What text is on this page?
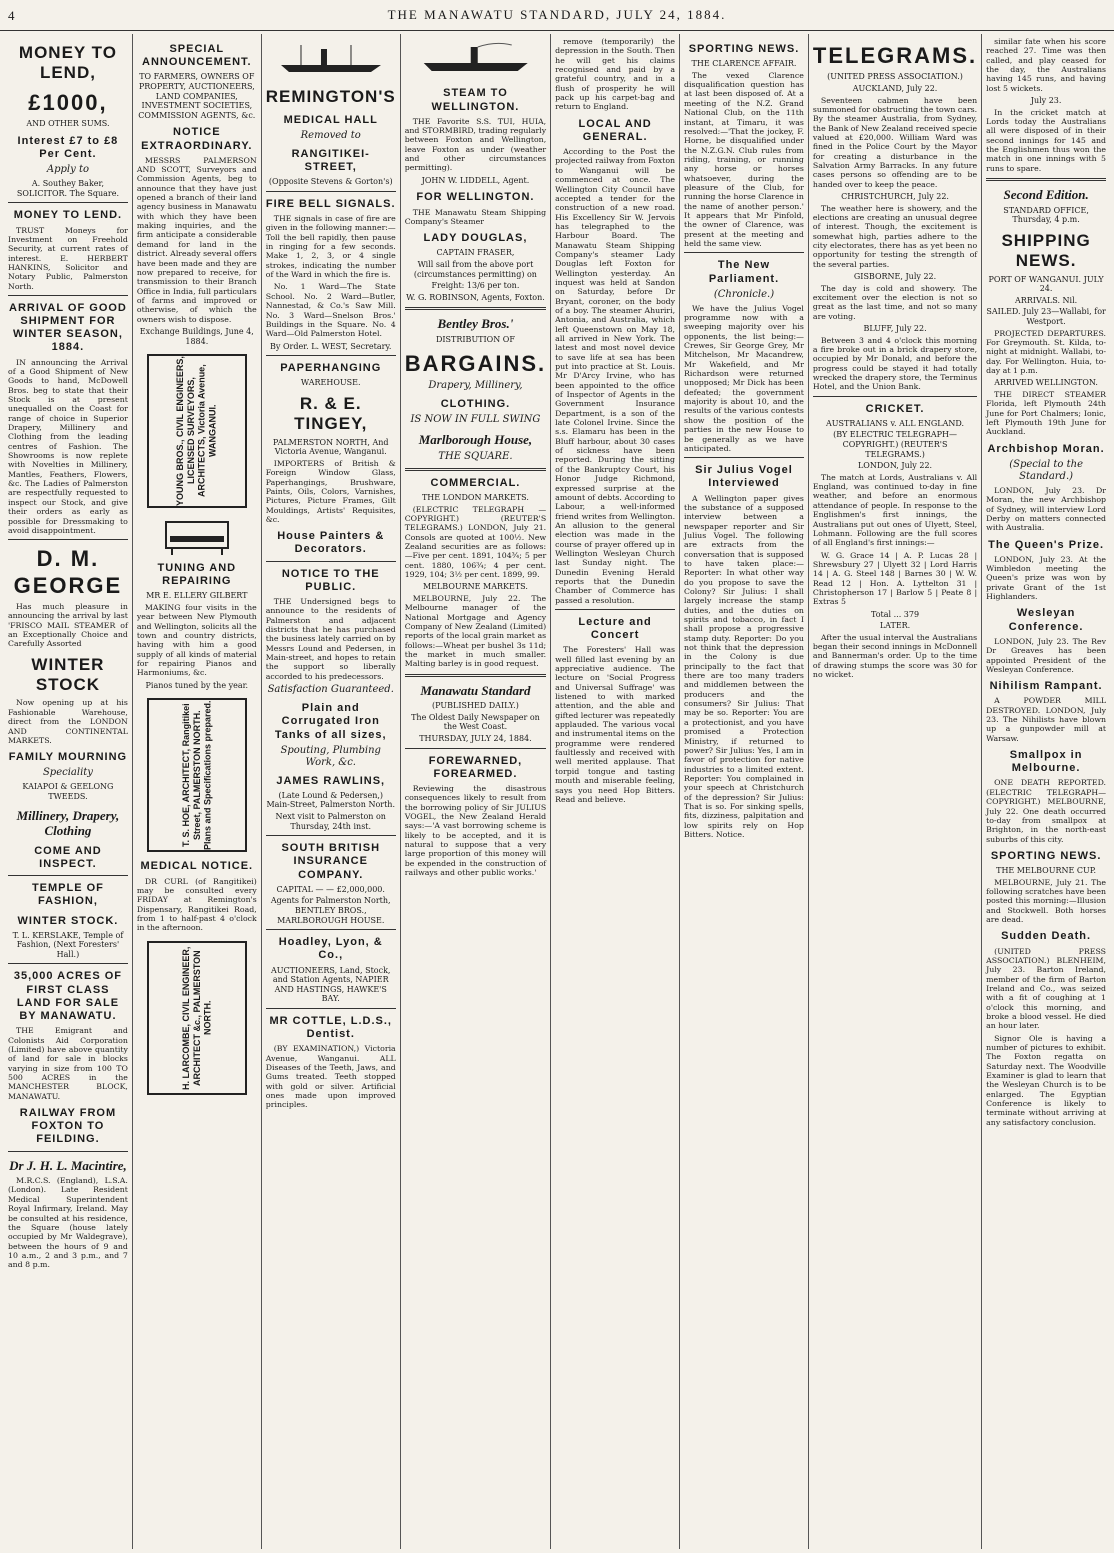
4	THE MANAWATU STANDARD, JULY 24, 1884.
MONEY TO LEND,
£1000,
AND OTHER SUMS.
Interest £7 to £8 Per Cent.
Apply to
A. Southey Baker, SOLICITOR. The Square.
MONEY TO LEND.

TRUST Moneys for Investment on Freehold Security, at current rates of interest. E. HERBERT HANKINS, Solicitor and Notary Public, Palmerston North.

ARRIVAL OF GOOD SHIPMENT FOR WINTER SEASON, 1884.

IN announcing the Arrival of a Good Shipment of New Goods to hand, McDowell Bros. beg to state that their Stock is at present unequalled on the Coast for range of choice in Superior Drapery, Millinery and Clothing from the leading centres of Fashion. The Showrooms is now replete with Novelties in Millinery, Mantles, Feathers, Flowers, &c. The Ladies of Palmerston are respectfully requested to inspect our Stock, and give their orders as early as possible for Dressmaking to avoid disappointment.

D. M. GEORGE

Has much pleasure in announcing the arrival by last 'FRISCO MAIL STEAMER of an Exceptionally Choice and Carefully Assorted

WINTER STOCK

Now opening up at his Fashionable Warehouse, direct from the LONDON AND CONTINENTAL MARKETS.

FAMILY MOURNING
Speciality
KAIAPOI & GEELONG TWEEDS.
Millinery, Drapery, Clothing
COME AND INSPECT.
TEMPLE OF FASHION,
WINTER STOCK.
T. L. KERSLAKE, Temple of Fashion, (Next Foresters' Hall.)
35,000 ACRES OF FIRST CLASS LAND FOR SALE BY MANAWATU.

THE Emigrant and Colonists Aid Corporation (Limited) have above quantity of land for sale in blocks varying in size from 100 TO 500 ACRES in the MANCHESTER BLOCK, MANAWATU.

RAILWAY FROM FOXTON TO FEILDING.
Dr J. H. L. Macintire,

M.R.C.S. (England), L.S.A. (London). Late Resident Medical Superintendent Royal Infirmary, Ireland. May be consulted at his residence, the Square (house lately occupied by Mr Waldegrave), between the hours of 9 and 10 a.m., 2 and 3 p.m., and 7 and 8 p.m.

SPECIAL ANNOUNCEMENT.
TO FARMERS, OWNERS OF PROPERTY, AUCTIONEERS, LAND COMPANIES, INVESTMENT SOCIETIES, COMMISSION AGENTS, &c.
NOTICE EXTRAORDINARY.

MESSRS PALMERSON AND SCOTT, Surveyors and Commission Agents, beg to announce that they have just opened a branch of their land agency business in Manawatu with which they have been making inquiries, and the firm anticipate a considerable demand for land in the district. Already several offers have been made and they are now prepared to receive, for transmission to their Branch Office in India, full particulars of farms and improved or otherwise, of which the owners wish to dispose.

Exchange Buildings, June 4, 1884.
YOUNG BROS., CIVIL ENGINEERS, LICENSED SURVEYORS, ARCHITECTS, Victoria Avenue, WANGANUI.
TUNING AND REPAIRING
MR E. ELLERY GILBERT

MAKING four visits in the year between New Plymouth and Wellington, solicits all the town and country districts, having with him a good supply of all kinds of material for repairing Pianos and Harmoniums, &c.

Pianos tuned by the year.
T. S. HOE, ARCHITECT, Rangitikei Street, PALMERSTON NORTH. Plans and Specifications prepared.
MEDICAL NOTICE.

DR CURL (of Rangitikei) may be consulted every FRIDAY at Remington's Dispensary, Rangitikei Road, from 1 to half-past 4 o'clock in the afternoon.

H. LARCOMBE, CIVIL ENGINEER, ARCHITECT &c., PALMERSTON NORTH.
REMINGTON'S
MEDICAL HALL
Removed to
RANGITIKEI-STREET,
(Opposite Stevens & Gorton's)
FIRE BELL SIGNALS.

THE signals in case of fire are given in the following manner:— Toll the bell rapidly, then pause in ringing for a few seconds. Make 1, 2, 3, or 4 single strokes, indicating the number of the Ward in which the fire is.

No. 1 Ward—The State School. No. 2 Ward—Butler, Nannestad, & Co.'s Saw Mill. No. 3 Ward—Snelson Bros.' Buildings in the Square. No. 4 Ward—Old Palmerston Hotel.

By Order. L. WEST, Secretary.
PAPERHANGING
WAREHOUSE.
R. & E. TINGEY,
PALMERSTON NORTH, And Victoria Avenue, Wanganui.

IMPORTERS of British & Foreign Window Glass, Paperhangings, Brushware, Paints, Oils, Colors, Varnishes, Pictures, Picture Frames, Gilt Mouldings, Artists' Requisites, &c.

House Painters & Decorators.
NOTICE TO THE PUBLIC.

THE Undersigned begs to announce to the residents of Palmerston and adjacent districts that he has purchased the business lately carried on by Messrs Lound and Pedersen, in Main-street, and hopes to retain the support so liberally accorded to his predecessors.

Satisfaction Guaranteed.
Plain and Corrugated Iron Tanks of all sizes,
Spouting, Plumbing Work, &c.
JAMES RAWLINS,
(Late Lound & Pedersen,) Main-Street, Palmerston North.
Next visit to Palmerston on Thursday, 24th inst.
SOUTH BRITISH INSURANCE COMPANY.
CAPITAL — — £2,000,000.
Agents for Palmerston North, BENTLEY BROS., MARLBOROUGH HOUSE.
Hoadley, Lyon, & Co.,
AUCTIONEERS, Land, Stock, and Station Agents, NAPIER AND HASTINGS, HAWKE'S BAY.
MR COTTLE, L.D.S., Dentist.

(BY EXAMINATION,) Victoria Avenue, Wanganui. ALL Diseases of the Teeth, Jaws, and Gums treated. Teeth stopped with gold or silver. Artificial ones made upon improved principles.

STEAM TO WELLINGTON.

THE Favorite S.S. TUI, HUIA, and STORMBIRD, trading regularly between Foxton and Wellington, leave Foxton as under (weather and other circumstances permitting).

JOHN W. LIDDELL, Agent.
FOR WELLINGTON.

THE Manawatu Steam Shipping Company's Steamer

LADY DOUGLAS,
CAPTAIN FRASER,
Will sail from the above port (circumstances permitting) on
Freight: 13/6 per ton.
W. G. ROBINSON, Agents, Foxton.
Bentley Bros.'
DISTRIBUTION OF
BARGAINS.
Drapery, Millinery,
CLOTHING.
IS NOW IN FULL SWING
Marlborough House,
THE SQUARE.
COMMERCIAL.
THE LONDON MARKETS.

(ELECTRIC TELEGRAPH — COPYRIGHT.) (REUTER'S TELEGRAMS.) LONDON, July 21. Consols are quoted at 100½. New Zealand securities are as follows: —Five per cent. 1891, 104¾; 5 per cent. 1880, 106¾; 4 per cent. 1929, 104; 3½ per cent. 1899, 99.

MELBOURNE MARKETS.

MELBOURNE, July 22. The Melbourne manager of the National Mortgage and Agency Company of New Zealand (Limited) reports of the local grain market as follows:—Wheat per bushel 3s 11d; the market in much smaller. Malting barley is in good request.

Manawatu Standard
(PUBLISHED DAILY.)
The Oldest Daily Newspaper on the West Coast.
THURSDAY, JULY 24, 1884.
FOREWARNED, FOREARMED.

Reviewing the disastrous consequences likely to result from the borrowing policy of Sir JULIUS VOGEL, the New Zealand Herald says:—'A vast borrowing scheme is likely to be accepted, and it is natural to suppose that a very large proportion of this money will be expended in the construction of railways and other public works.'

remove (temporarily) the depression in the South. Then he will get his claims recognised and paid by a grateful country, and in a flush of prosperity he will pack up his carpet-bag and return to England.

LOCAL AND GENERAL.

According to the Post the projected railway from Foxton to Wanganui will be commenced at once. The Wellington City Council have accepted a tender for the construction of a new road. His Excellency Sir W. Jervois has telegraphed to the Harbour Board. The Manawatu Steam Shipping Company's steamer Lady Douglas left Foxton for Wellington yesterday. An inquest was held at Sandon on Saturday, before Dr Bryant, coroner, on the body of a boy. The steamer Ahuriri, Antonia, and Australia, which left Queenstown on May 18, all arrived in New York. The latest and most novel device to save life at sea has been put into practice at St. Louis. Mr D'Arcy Irvine, who has been appointed to the office of Inspector of Agents in the Government Insurance Department, is a son of the late Colonel Irvine. Since the s.s. Elamaru has been in the Bluff harbour, about 30 cases of sickness have been reported. During the sitting of the Bankruptcy Court, his Honor Judge Richmond, expressed surprise at the amount of debts. According to Labour, a well-informed friend writes from Wellington. An allusion to the general election was made in the course of prayer offered up in Wellington Wesleyan Church last Sunday night. The Dunedin Evening Herald reports that the Dunedin Chamber of Commerce has passed a resolution.

Lecture and Concert

The Foresters' Hall was well filled last evening by an appreciative audience. The lecture on 'Social Progress and Universal Suffrage' was listened to with marked attention, and the able and gifted lecturer was repeatedly applauded. The various vocal and instrumental items on the programme were rendered faultlessly and received with well merited applause. That torpid tongue and tasting mouth and miserable feeling, says you need Hop Bitters. Read and believe.

SPORTING NEWS.
THE CLARENCE AFFAIR.

The vexed Clarence disqualification question has at last been disposed of. At a meeting of the N.Z. Grand National Club, on the 11th instant, at Timaru, it was resolved:—'That the jockey, F. Horne, be disqualified under the N.Z.G.N. Club rules from riding, training, or running any horse or horses whatsoever, during the pleasure of the Club, for running the horse Clarence in the name of another person.' It appears that Mr Pinfold, the owner of Clarence, was present at the meeting and held the same view.

The New Parliament.
(Chronicle.)

We have the Julius Vogel programme now with a sweeping majority over his opponents, the list being:— Crewes, Sir George Grey, Mr Mitchelson, Mr Macandrew, Mr Wakefield, and Mr Richardson were returned unopposed; Mr Dick has been defeated; the government majority is about 10, and the results of the various contests show the position of the parties in the new House to be generally as we have anticipated.

Sir Julius Vogel Interviewed

A Wellington paper gives the substance of a supposed interview between a newspaper reporter and Sir Julius Vogel. The following are extracts from the conversation that is supposed to have taken place:— Reporter: In what other way do you propose to save the Colony? Sir Julius: I shall largely increase the stamp duties, and the duties on spirits and tobacco, in fact I shall propose a progressive stamp duty. Reporter: Do you not think that the depression in the Colony is due principally to the fact that there are too many traders and middlemen between the producers and the consumers? Sir Julius: That may be so. Reporter: You are a protectionist, and you have promised a Protection Ministry, if returned to power? Sir Julius: Yes, I am in favor of protection for native industries to a limited extent. Reporter: You complained in your speech at Christchurch of the depression? Sir Julius: That is so. For sinking spells, fits, dizziness, palpitation and low spirits rely on Hop Bitters. Notice.

TELEGRAMS.
(UNITED PRESS ASSOCIATION.)
AUCKLAND, July 22.

Seventeen cabmen have been summoned for obstructing the town cars. By the steamer Australia, from Sydney, the Bank of New Zealand received specie valued at £20,000. William Ward was fined in the Police Court by the Mayor for creating a disturbance in the Salvation Army Barracks. In any future cases persons so offending are to be handed over to keep the peace.

CHRISTCHURCH, July 22.

The weather here is showery, and the elections are creating an unusual degree of interest. Though, the excitement is somewhat high, parties adhere to the city electorates, there has as yet been no opportunity for testing the strength of the several parties.

GISBORNE, July 22.

The day is cold and showery. The excitement over the election is not so great as the last time, and not so many are voting.

BLUFF, July 22.

Between 3 and 4 o'clock this morning a fire broke out in a brick drapery store, occupied by Mr Donald, and before the progress could be stayed it had totally wrecked the drapery store, the Terminus Hotel, and the Union Bank.

CRICKET.
AUSTRALIANS v. ALL ENGLAND.
(BY ELECTRIC TELEGRAPH—COPYRIGHT.) (REUTER'S TELEGRAMS.)
LONDON, July 22.

The match at Lords, Australians v. All England, was continued to-day in fine weather, and before an enormous attendance of people. In response to the Englishmen's first innings, the Australians put out ones of Ulyett, Steel, Lohmann. Following are the full scores of all England's first innings:—

W. G. Grace 14 | A. P. Lucas 28 | Shrewsbury 27 | Ulyett 32 | Lord Harris 14 | A. G. Steel 148 | Barnes 30 | W. W. Read 12 | Hon. A. Lyttelton 31 | Christopherson 17 | Barlow 5 | Peate 8 | Extras 5

Total ... 379
LATER.

After the usual interval the Australians began their second innings in McDonnell and Bannerman's order. Up to the time of drawing stumps the score was 30 for no wicket.

similar fate when his score reached 27. Time was then called, and play ceased for the day, the Australians having 145 runs, and having lost 5 wickets.

July 23.

In the cricket match at Lords today the Australians all were disposed of in their second innings for 145 and the Englishmen thus won the match in one innings with 5 runs to spare.

Second Edition.
STANDARD OFFICE, Thursday, 4 p.m.
SHIPPING NEWS.
PORT OF WANGANUI. JULY 24.
ARRIVALS. Nil.
SAILED. July 23—Wallabi, for Westport.

PROJECTED DEPARTURES. For Greymouth. St. Kilda, to-night at midnight. Wallabi, to-day. For Wellington. Huia, to-day at 1 p.m.

ARRIVED WELLINGTON.

THE DIRECT STEAMER Florida, left Plymouth 24th June for Port Chalmers; Ionic, left Plymouth 19th June for Auckland.

Archbishop Moran.
(Special to the Standard.)

LONDON, July 23. Dr Moran, the new Archbishop of Sydney, will interview Lord Derby on matters connected with Australia.

The Queen's Prize.

LONDON, July 23. At the Wimbledon meeting the Queen's prize was won by private Grant of the 1st Highlanders.

Wesleyan Conference.

LONDON, July 23. The Rev Dr Greaves has been appointed President of the Wesleyan Conference.

Nihilism Rampant.

A POWDER MILL DESTROYED. LONDON, July 23. The Nihilists have blown up a gunpowder mill at Warsaw.

Smallpox in Melbourne.

ONE DEATH REPORTED. (ELECTRIC TELEGRAPH—COPYRIGHT.) MELBOURNE, July 22. One death occurred to-day from smallpox at Brighton, in the north-east suburbs of this city.

SPORTING NEWS.
THE MELBOURNE CUP.

MELBOURNE, July 21. The following scratches have been posted this morning:—Illusion and Stockwell. Both horses are dead.

Sudden Death.

(UNITED PRESS ASSOCIATION.) BLENHEIM, July 23. Barton Ireland, member of the firm of Barton Ireland and Co., was seized with a fit of coughing at 1 o'clock this morning, and broke a blood vessel. He died an hour later.

Signor Ole is having a number of pictures to exhibit. The Foxton regatta on Saturday next. The Woodville Examiner is glad to learn that the Wesleyan Church is to be enlarged. The Egyptian Conference is likely to terminate without arriving at any satisfactory conclusion.
